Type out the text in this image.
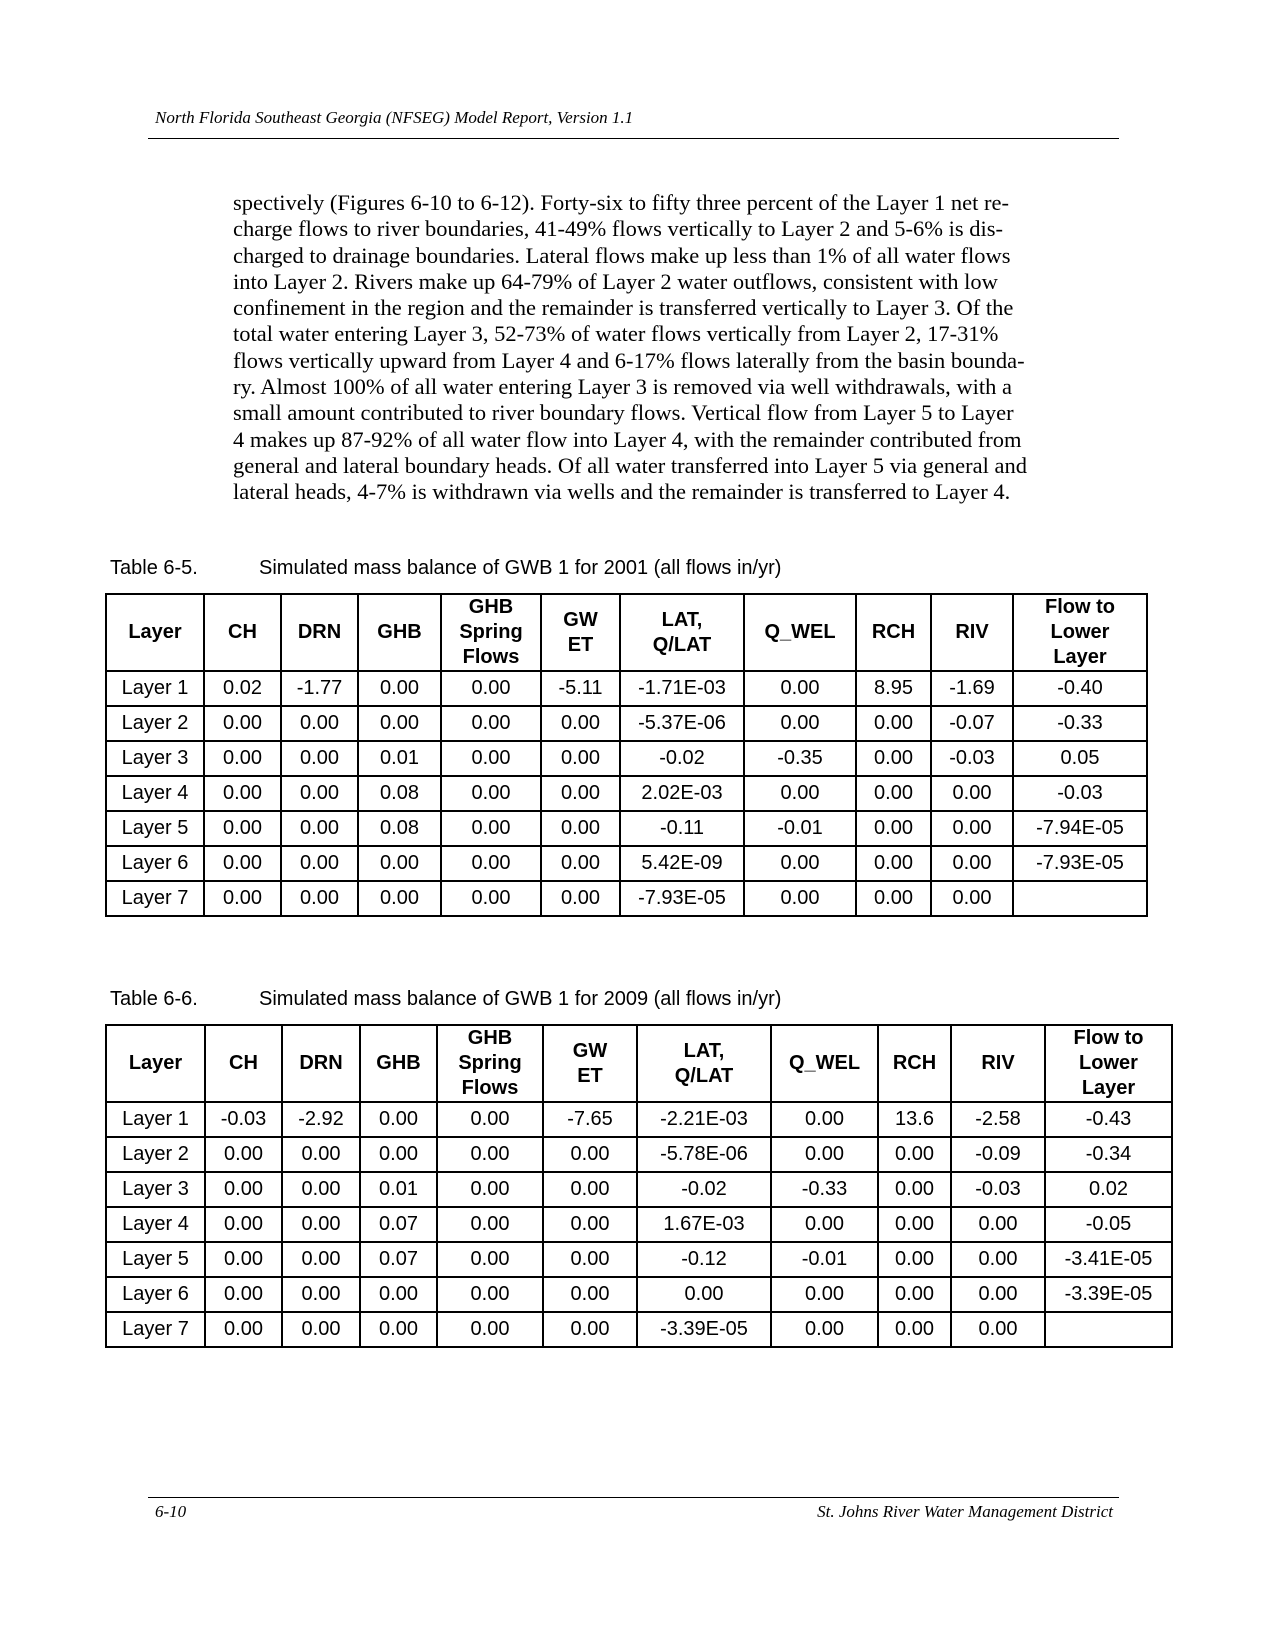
North Florida Southeast Georgia (NFSEG) Model Report, Version 1.1

spectively (Figures 6-10 to 6-12). Forty-six to fifty three percent of the Layer 1 net re-
charge flows to river boundaries, 41-49% flows vertically to Layer 2 and 5-6% is dis-
charged to drainage boundaries. Lateral flows make up less than 1% of all water flows
into Layer 2. Rivers make up 64-79% of Layer 2 water outflows, consistent with low
confinement in the region and the remainder is transferred vertically to Layer 3. Of the
total water entering Layer 3, 52-73% of water flows vertically from Layer 2, 17-31%
flows vertically upward from Layer 4 and 6-17% flows laterally from the basin bounda-
ry. Almost 100% of all water entering Layer 3 is removed via well withdrawals, with a
small amount contributed to river boundary flows. Vertical flow from Layer 5 to Layer
4 makes up 87-92% of all water flow into Layer 4, with the remainder contributed from
general and lateral boundary heads. Of all water transferred into Layer 5 via general and
lateral heads, 4-7% is withdrawn via wells and the remainder is transferred to Layer 4.

Table 6-5.	Simulated mass balance of GWB 1 for 2001 (all flows in/yr)
Layer	CH	DRN	GHB	GHB
Spring
Flows	GW
ET	LAT,
Q/LAT	Q_WEL	RCH	RIV	Flow to
Lower
Layer
Layer 1	0.02	-1.77	0.00	0.00	-5.11	-1.71E-03	0.00	8.95	-1.69	-0.40
Layer 2	0.00	0.00	0.00	0.00	0.00	-5.37E-06	0.00	0.00	-0.07	-0.33
Layer 3	0.00	0.00	0.01	0.00	0.00	-0.02	-0.35	0.00	-0.03	0.05
Layer 4	0.00	0.00	0.08	0.00	0.00	2.02E-03	0.00	0.00	0.00	-0.03
Layer 5	0.00	0.00	0.08	0.00	0.00	-0.11	-0.01	0.00	0.00	-7.94E-05
Layer 6	0.00	0.00	0.00	0.00	0.00	5.42E-09	0.00	0.00	0.00	-7.93E-05
Layer 7	0.00	0.00	0.00	0.00	0.00	-7.93E-05	0.00	0.00	0.00	
Table 6-6.	Simulated mass balance of GWB 1 for 2009 (all flows in/yr)
Layer	CH	DRN	GHB	GHB
Spring
Flows	GW
ET	LAT,
Q/LAT	Q_WEL	RCH	RIV	Flow to
Lower
Layer
Layer 1	-0.03	-2.92	0.00	0.00	-7.65	-2.21E-03	0.00	13.6	-2.58	-0.43
Layer 2	0.00	0.00	0.00	0.00	0.00	-5.78E-06	0.00	0.00	-0.09	-0.34
Layer 3	0.00	0.00	0.01	0.00	0.00	-0.02	-0.33	0.00	-0.03	0.02
Layer 4	0.00	0.00	0.07	0.00	0.00	1.67E-03	0.00	0.00	0.00	-0.05
Layer 5	0.00	0.00	0.07	0.00	0.00	-0.12	-0.01	0.00	0.00	-3.41E-05
Layer 6	0.00	0.00	0.00	0.00	0.00	0.00	0.00	0.00	0.00	-3.39E-05
Layer 7	0.00	0.00	0.00	0.00	0.00	-3.39E-05	0.00	0.00	0.00	
6-10	St. Johns River Water Management District
